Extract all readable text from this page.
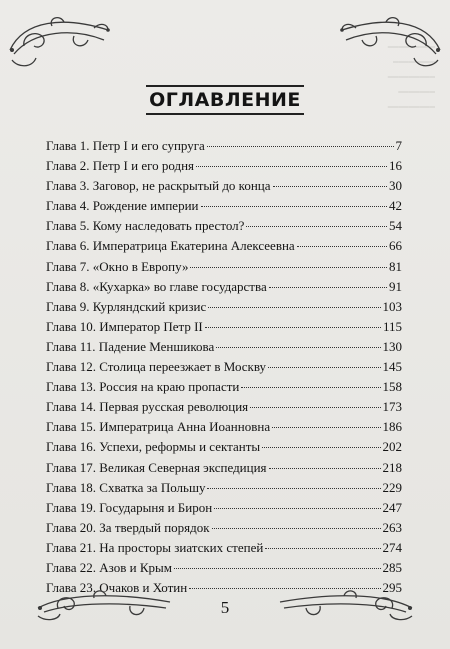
⎯⎯⎯⎯⎯⎯⎯⎯⎯
⎯⎯⎯⎯⎯⎯⎯⎯
⎯⎯⎯⎯⎯⎯⎯⎯⎯
⎯⎯⎯⎯⎯⎯⎯
⎯⎯⎯⎯⎯⎯⎯⎯⎯
ОГЛАВЛЕНИЕ
Глава 1. Петр I и его супруга	7
Глава 2. Петр I и его родня	16
Глава 3. Заговор, не раскрытый до конца	30
Глава 4. Рождение империи	42
Глава 5. Кому наследовать престол?	54
Глава 6. Императрица Екатерина Алексеевна	66
Глава 7. «Окно в Европу»	81
Глава 8. «Кухарка» во главе государства	91
Глава 9. Курляндский кризис	103
Глава 10. Император Петр II	115
Глава 11. Падение Меншикова	130
Глава 12. Столица переезжает в Москву	145
Глава 13. Россия на краю пропасти	158
Глава 14. Первая русская революция	173
Глава 15. Императрица Анна Иоанновна	186
Глава 16. Успехи, реформы и сектанты	202
Глава 17. Великая Северная экспедиция	218
Глава 18. Схватка за Польшу	229
Глава 19. Государыня и Бирон	247
Глава 20. За твердый порядок	263
Глава 21. На просторы зиатских степей	274
Глава 22. Азов и Крым	285
Глава 23. Очаков и Хотин	295
5
